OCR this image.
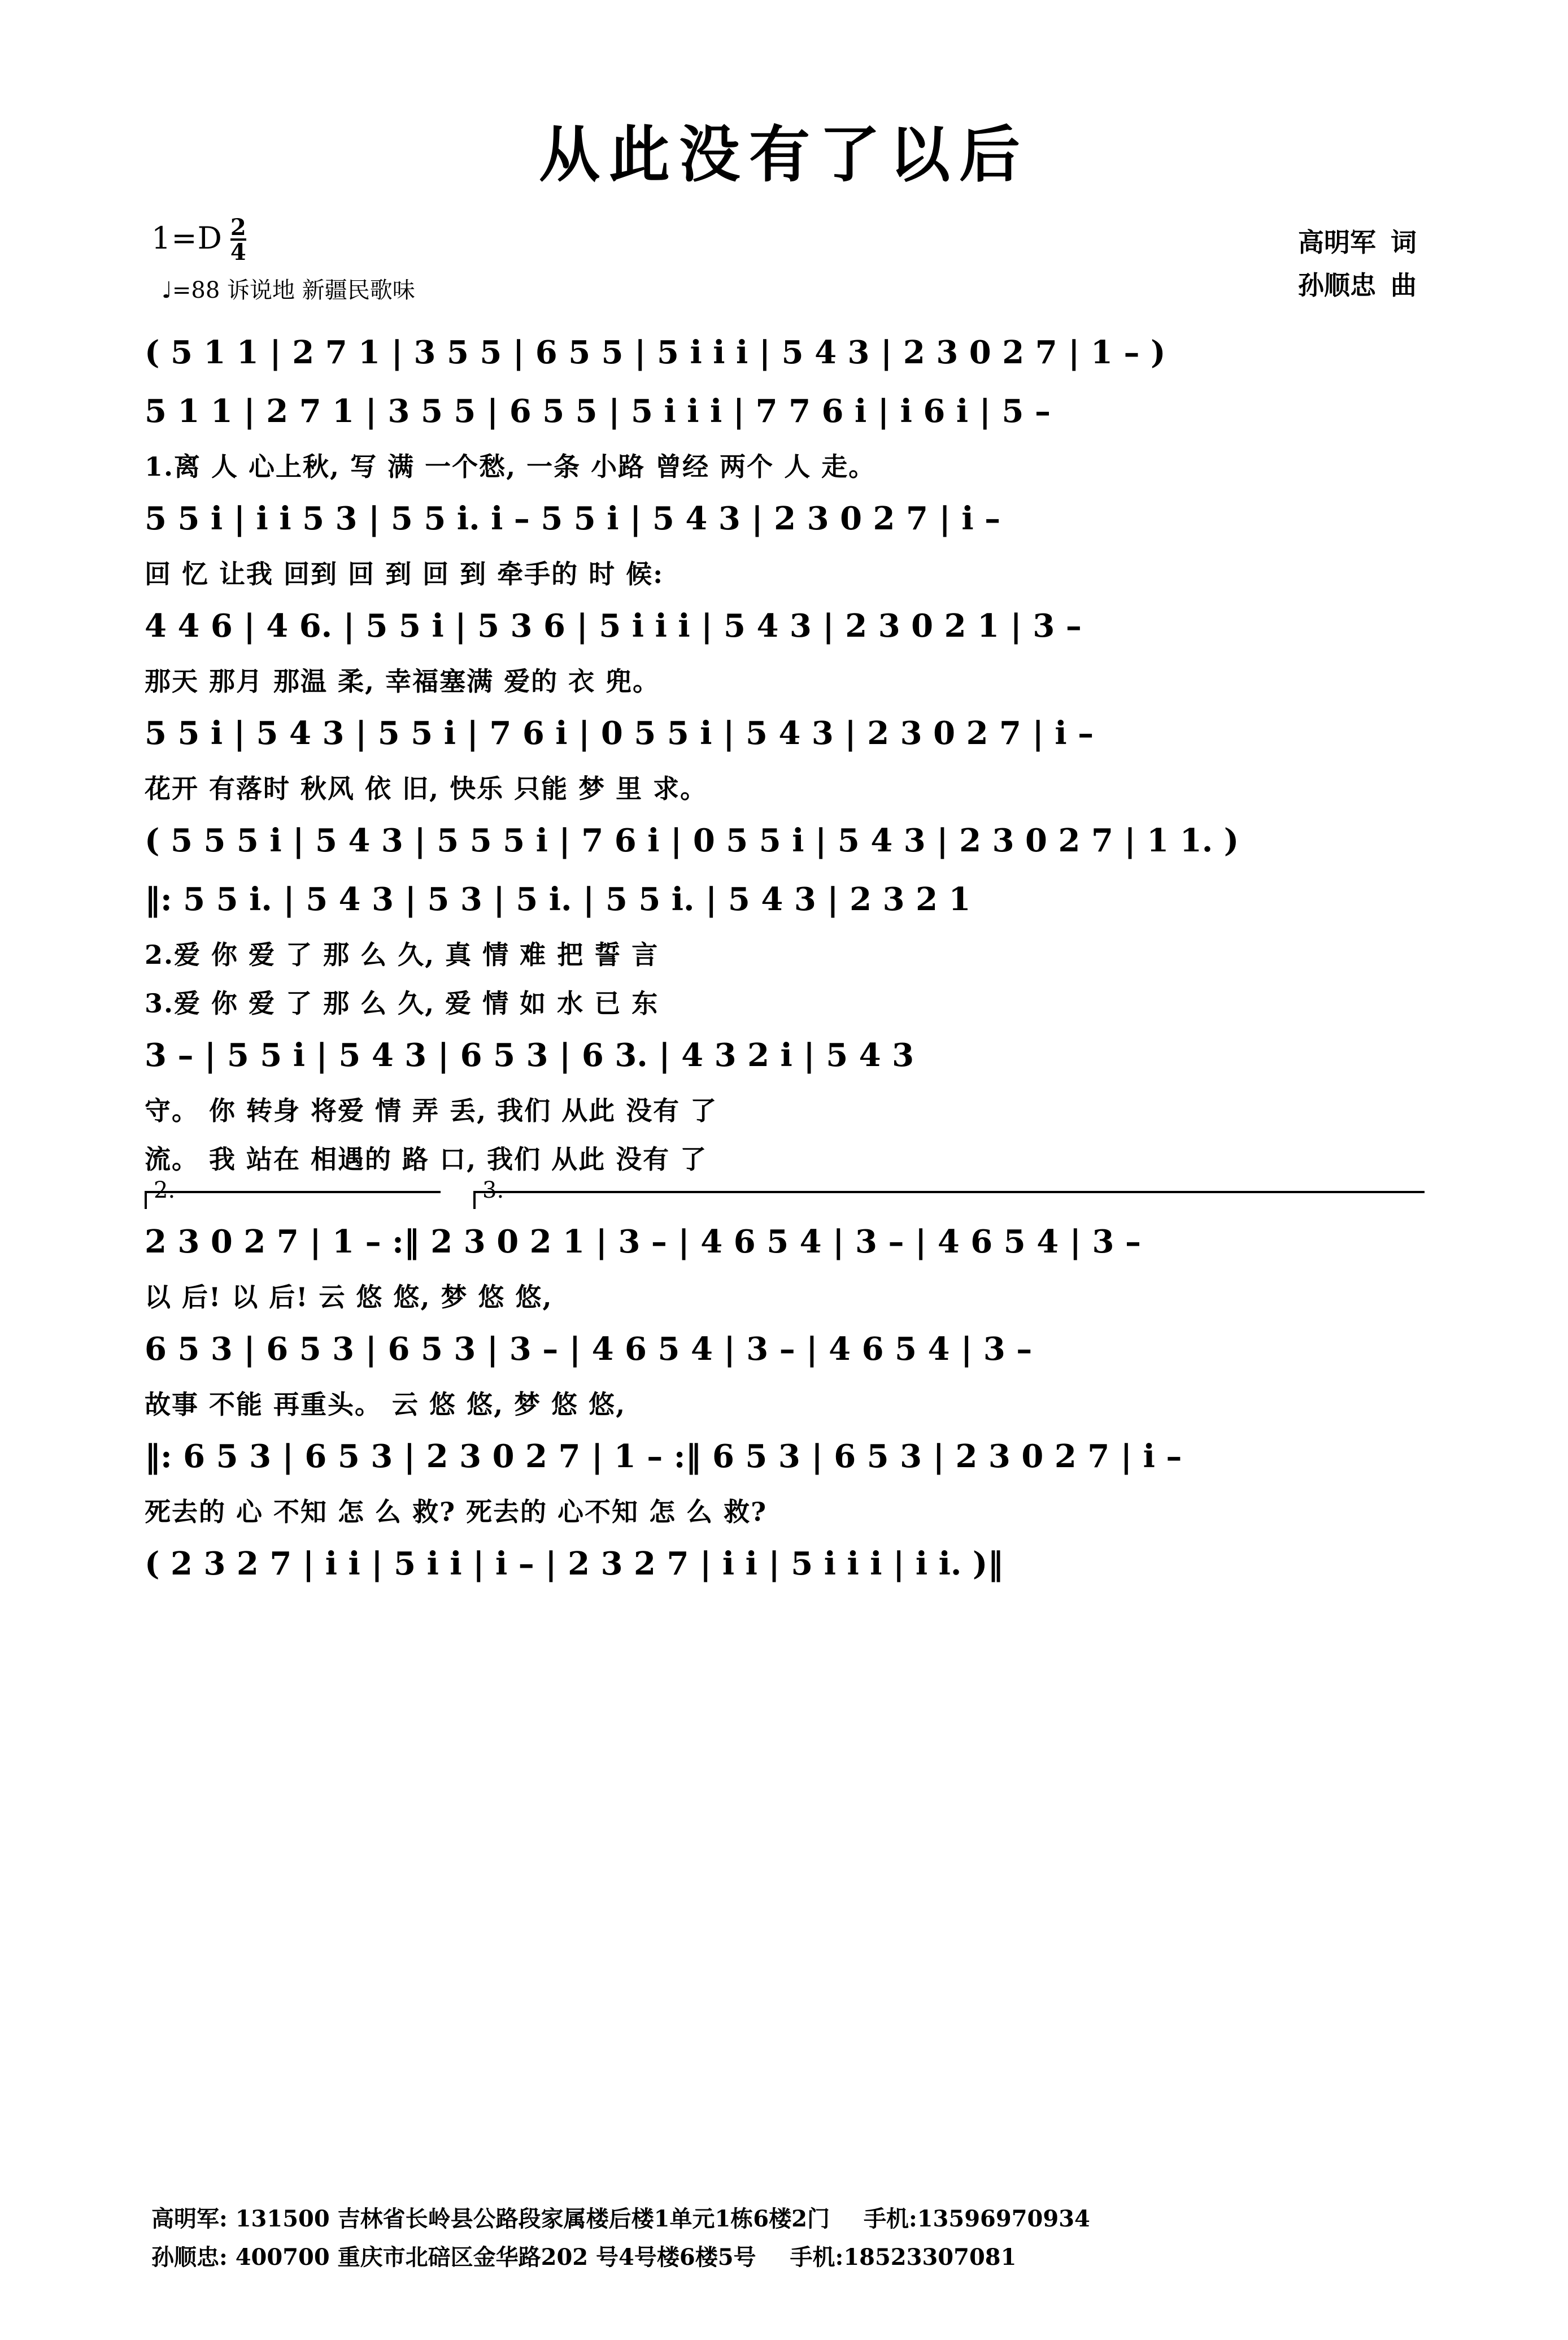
从此没有了以后
$1=D \frac{2}{4}$
♩=88 诉说地 新疆民歌味
高明军 词
孙顺忠 曲
( 5 1 1 | 2 7 1 | 3 5 5 | 6 5 5 | 5 i i i | 5 4 3 | 2 3 0 2 7 | 1 – )
5 1 1 | 2 7 1 | 3 5 5 | 6 5 5 | 5 i i i | 7 7 6 i | i 6 i | 5 –
1.离 人 心上秋, 写 满 一个愁, 一条 小路 曾经 两个 人 走。
5 5 i | i i 5 3 | 5 5 i. i – 5 5 i | 5 4 3 | 2 3 0 2 7 | i –
回 忆 让我 回到 回 到 回 到 牵手的 时 候:
4 4 6 | 4 6. | 5 5 i | 5 3 6 | 5 i i i | 5 4 3 | 2 3 0 2 1 | 3 –
那天 那月 那温 柔, 幸福塞满 爱的 衣 兜。
5 5 i | 5 4 3 | 5 5 i | 7 6 i | 0 5 5 i | 5 4 3 | 2 3 0 2 7 | i –
花开 有落时 秋风 依 旧, 快乐 只能 梦 里 求。
( 5 5 5 i | 5 4 3 | 5 5 5 i | 7 6 i | 0 5 5 i | 5 4 3 | 2 3 0 2 7 | 1 1. )
‖: 5 5 i. | 5 4 3 | 5 3 | 5 i. | 5 5 i. | 5 4 3 | 2 3 2 1
2.爱 你 爱 了 那 么 久, 真 情 难 把 誓 言
3.爱 你 爱 了 那 么 久, 爱 情 如 水 已 东
3 – | 5 5 i | 5 4 3 | 6 5 3 | 6 3. | 4 3 2 i | 5 4 3
守。 你 转身 将爱 情 弄 丢, 我们 从此 没有 了
流。 我 站在 相遇的 路 口, 我们 从此 没有 了
2.	3.
2 3 0 2 7 | 1 – :‖ 2 3 0 2 1 | 3 – | 4 6 5 4 | 3 – | 4 6 5 4 | 3 –
以 后! 以 后! 云 悠 悠, 梦 悠 悠,
6 5 3 | 6 5 3 | 6 5 3 | 3 – | 4 6 5 4 | 3 – | 4 6 5 4 | 3 –
故事 不能 再重头。 云 悠 悠, 梦 悠 悠,
‖: 6 5 3 | 6 5 3 | 2 3 0 2 7 | 1 – :‖ 6 5 3 | 6 5 3 | 2 3 0 2 7 | i –
死去的 心 不知 怎 么 救? 死去的 心不知 怎 么 救?
( 2 3 2 7 | i i | 5 i i | i – | 2 3 2 7 | i i | 5 i i i | i i. )‖
高明军: 131500 吉林省长岭县公路段家属楼后楼1单元1栋6楼2门 手机:13596970934
孙顺忠: 400700 重庆市北碚区金华路202 号4号楼6楼5号 手机:18523307081
